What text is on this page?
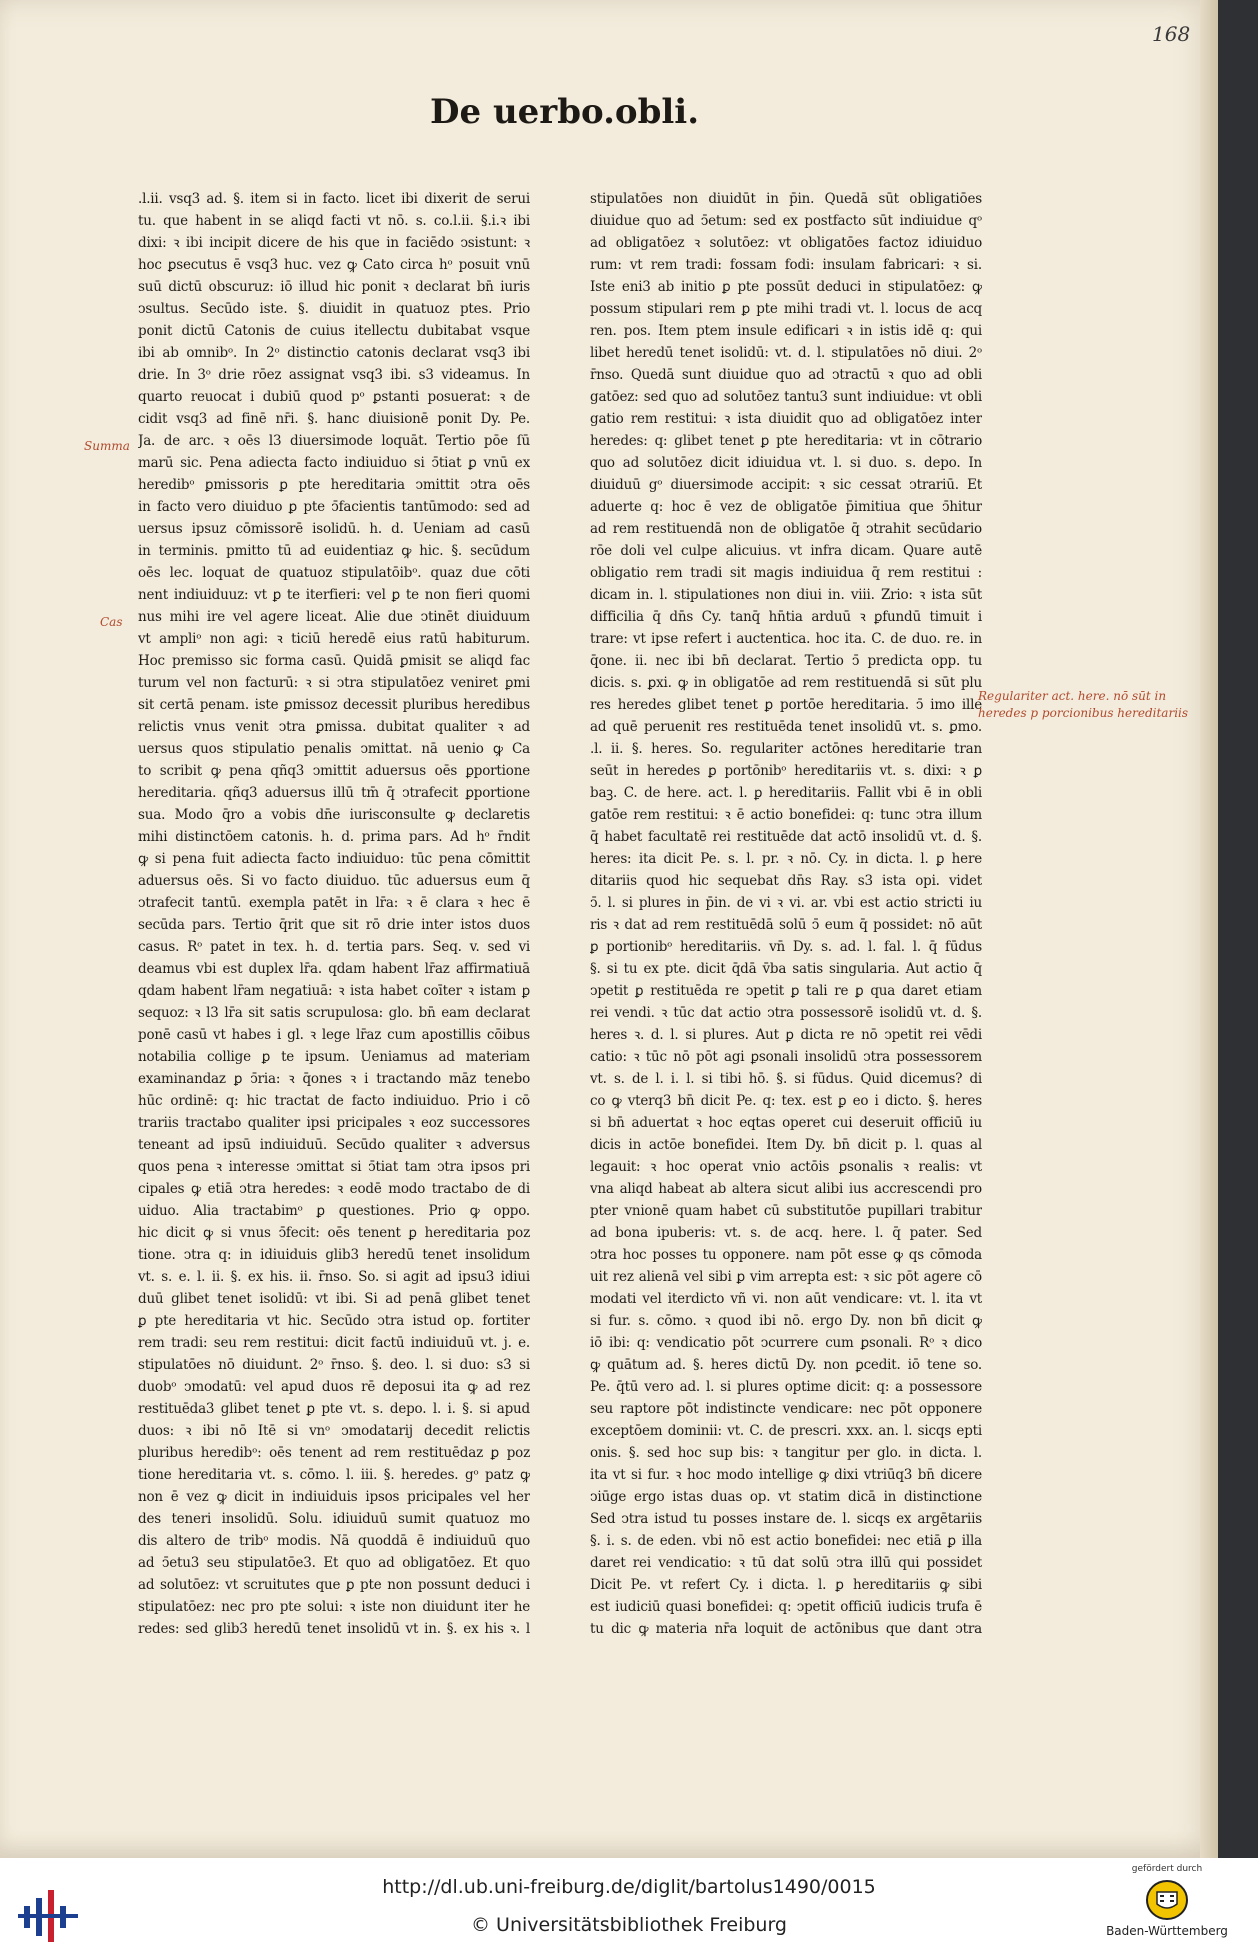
168
De uerbo.obli.
.l.ii. vsq3 ad. §. item si in facto. licet ibi dixerit de serui
tu. que habent in se aliqd facti vt nō. s. co.l.ii. §.i.ꝛ ibi
dixi: ꝛ ibi incipit dicere de his que in faciēdo ↄsistunt: ꝛ
hoc ꝑsecutus ē vsq3 huc. vez ꝙ Cato circa hᵒ posuit vnū
suū dictū obscuruz: iō illud hic ponit ꝛ declarat bn̄ iuris
ↄsultus. Secūdo iste. §. diuidit in quatuoz ptes. Prio
ponit dictū Catonis de cuius itellectu dubitabat vsque
ibi ab omnibᵒ. In 2ᵒ distinctio catonis declarat vsq3 ibi
drie. In 3ᵒ drie rōez assignat vsq3 ibi. s3 videamus. In
quarto reuocat i dubiū quod pᵒ ꝑstanti posuerat: ꝛ de
cidit vsq3 ad finē nr̄i. §. hanc diuisionē ponit Dy. Pe.
Ja. de arc. ꝛ oēs l3 diuersimode loquāt. Tertio pōe ſū
marū sic. Pena adiecta facto indiuiduo si ↄ̄tiat ꝑ vnū ex
heredibᵒ ꝑmissoris ꝑ pte hereditaria ↄmittit ↄtra oēs
in facto vero diuiduo ꝑ pte ↄ̄facientis tantūmodo: sed ad
uersus ipsuz cōmissorē isolidū. h. d. Ueniam ad casū
in terminis. pmitto tū ad euidentiaz ꝙ hic. §. secūdum
oēs lec. loquat de quatuoz stipulatōibᵒ. quaz due cōti
nent indiuiduuz: vt ꝑ te iterfieri: vel ꝑ te non fieri quomi
nus mihi ire vel agere liceat. Alie due ↄtinēt diuiduum
vt ampliᵒ non agi: ꝛ ticiū heredē eius ratū habiturum.
Hoc premisso sic forma casū. Quidā ꝑmisit se aliqd fac
turum vel non facturū: ꝛ si ↄtra stipulatōez veniret ꝑmi
sit certā penam. iste ꝑmissoz decessit pluribus heredibus
relictis vnus venit ↄtra ꝑmissa. dubitat qualiter ꝛ ad
uersus quos stipulatio penalis ↄmittat. nā uenio ꝙ Ca
to scribit ꝙ pena qñq3 ↄmittit aduersus oēs ꝑportione
hereditaria. qñq3 aduersus illū tm̄ q̄ ↄtrafecit ꝑportione
sua. Modo q̄ro a vobis dn̄e iurisconsulte ꝙ declaretis
mihi distinctōem catonis. h. d. prima pars. Ad hᵒ r̄ndit
ꝙ si pena fuit adiecta facto indiuiduo: tūc pena cōmittit
aduersus oēs. Si vo facto diuiduo. tūc aduersus eum q̄
ↄtrafecit tantū. exempla patēt in lr̄a: ꝛ ē clara ꝛ hec ē
secūda pars. Tertio q̄rit que sit rō drie inter istos duos
casus. Rᵒ patet in tex. h. d. tertia pars. Seq. v. sed vi
deamus vbi est duplex lr̄a. qdam habent lr̄az affirmatiuā
qdam habent lr̄am negatiuā: ꝛ ista habet coīter ꝛ istam ꝑ
sequoz: ꝛ l3 lr̄a sit satis scrupulosa: glo. bn̄ eam declarat
ponē casū vt habes i gl. ꝛ lege lr̄az cum apostillis cōibus
notabilia collige ꝑ te ipsum. Ueniamus ad materiam
examinandaz ꝑ ↄ̄ria: ꝛ q̄ones ꝛ i tractando māz tenebo
hūc ordinē: q: hic tractat de facto indiuiduo. Prio i cō
trariis tractabo qualiter ipsi pricipales ꝛ eoz successores
teneant ad ipsū indiuiduū. Secūdo qualiter ꝛ adversus
quos pena ꝛ interesse ↄmittat si ↄ̄tiat tam ↄtra ipsos pri
cipales ꝙ etiā ↄtra heredes: ꝛ eodē modo tractabo de di
uiduo. Alia tractabimᵒ ꝑ questiones. Prio ꝙ oppo.
hic dicit ꝙ si vnus ↄ̄fecit: oēs tenent ꝑ hereditaria poz
tione. ↄtra q: in idiuiduis glib3 heredū tenet insolidum
vt. s. e. l. ii. §. ex his. ii. r̄nso. So. si agit ad ipsu3 idiui
duū glibet tenet isolidū: vt ibi. Si ad penā glibet tenet
ꝑ pte hereditaria vt hic. Secūdo ↄtra istud op. fortiter
rem tradi: seu rem restitui: dicit factū indiuiduū vt. j. e.
stipulatōes nō diuidunt. 2ᵒ r̄nso. §. deo. l. si duo: s3 si
duobᵒ ↄmodatū: vel apud duos rē deposui ita ꝙ ad rez
restituēda3 glibet tenet ꝑ pte vt. s. depo. l. i. §. si apud
duos: ꝛ ibi nō Itē si vnᵒ ↄmodatarij decedit relictis
pluribus heredibᵒ: oēs tenent ad rem restituēdaz ꝑ poz
tione hereditaria vt. s. cōmo. l. iii. §. heredes. gᵒ patz ꝙ
non ē vez ꝙ dicit in indiuiduis ipsos pricipales vel her
des teneri insolidū. Solu. idiuiduū sumit quatuoz mo
dis altero de tribᵒ modis. Nā quoddā ē indiuiduū quo
ad ↄ̄etu3 seu stipulatōe3. Et quo ad obligatōez. Et quo
ad solutōez: vt scruitutes que ꝑ pte non possunt deduci i
stipulatōez: nec pro pte solui: ꝛ iste non diuidunt iter he
redes: sed glib3 heredū tenet insolidū vt in. §. ex his ꝛ. l
stipulatōes non diuidūt in p̄in. Quedā sūt obligatiōes
diuidue quo ad ↄ̄etum: sed ex postfacto sūt indiuidue qᵒ
ad obligatōez ꝛ solutōez: vt obligatōes factoz idiuiduo
rum: vt rem tradi: fossam fodi: insulam fabricari: ꝛ si.
Iste eni3 ab initio ꝑ pte possūt deduci in stipulatōez: ꝙ
possum stipulari rem ꝑ pte mihi tradi vt. l. locus de acq
ren. pos. Item ptem insule edificari ꝛ in istis idē q: qui
libet heredū tenet isolidū: vt. d. l. stipulatōes nō diui. 2ᵒ
r̄nso. Quedā sunt diuidue quo ad ↄtractū ꝛ quo ad obli
gatōez: sed quo ad solutōez tantu3 sunt indiuidue: vt obli
gatio rem restitui: ꝛ ista diuidit quo ad obligatōez inter
heredes: q: glibet tenet ꝑ pte hereditaria: vt in cōtrario
quo ad solutōez dicit idiuidua vt. l. si duo. s. depo. In
diuiduū gᵒ diuersimode accipit: ꝛ sic cessat ↄtrariū. Et
aduerte q: hoc ē vez de obligatōe p̄imitiua que ↄ̄hitur
ad rem restituendā non de obligatōe q̄ ↄtrahit secūdario
rōe doli vel culpe alicuius. vt infra dicam. Quare autē
obligatio rem tradi sit magis indiuidua q̄ rem restitui :
dicam in. l. stipulationes non diui in. viii. Zrio: ꝛ ista sūt
difficilia q̄ dn̄s Cy. tanq̄ hn̄tia arduū ꝛ ꝑfundū timuit i
trare: vt ipse refert i auctentica. hoc ita. C. de duo. re. in
q̄one. ii. nec ibi bn̄ declarat. Tertio ↄ̄ predicta opp. tu
dicis. s. ꝑxi. ꝙ in obligatōe ad rem restituendā si sūt plu
res heredes glibet tenet ꝑ portōe hereditaria. ↄ̄ imo ille
ad quē peruenit res restituēda tenet insolidū vt. s. ꝑmo.
.l. ii. §. heres. So. regulariter actōnes hereditarie tran
seūt in heredes ꝑ portōnibᵒ hereditariis vt. s. dixi: ꝛ ꝑ
baꝫ. C. de here. act. l. ꝑ hereditariis. Fallit vbi ē in obli
gatōe rem restitui: ꝛ ē actio bonefidei: q: tunc ↄtra illum
q̄ habet facultatē rei restituēde dat actō insolidū vt. d. §.
heres: ita dicit Pe. s. l. pr. ꝛ nō. Cy. in dicta. l. ꝑ here
ditariis quod hic sequebat dn̄s Ray. s3 ista opi. videt
ↄ̄. l. si plures in p̄in. de vi ꝛ vi. ar. vbi est actio stricti iu
ris ꝛ dat ad rem restituēdā solū ↄ̄ eum q̄ possidet: nō aūt
ꝑ portionibᵒ hereditariis. vn̄ Dy. s. ad. l. fal. l. q̄ fūdus
§. si tu ex pte. dicit q̄dā v̄ba satis singularia. Aut actio q̄
ↄpetit ꝑ restituēda re ↄpetit ꝑ tali re ꝑ qua daret etiam
rei vendi. ꝛ tūc dat actio ↄtra possessorē isolidū vt. d. §.
heres ꝛ. d. l. si plures. Aut ꝑ dicta re nō ↄpetit rei vēdi
catio: ꝛ tūc nō pōt agi ꝑsonali insolidū ↄtra possessorem
vt. s. de l. i. l. si tibi hō. §. si fūdus. Quid dicemus? di
co ꝙ vterq3 bn̄ dicit Pe. q: tex. est ꝑ eo i dicto. §. heres
si bn̄ aduertat ꝛ hoc eqtas operet cui deseruit officiū iu
dicis in actōe bonefidei. Item Dy. bn̄ dicit p. l. quas al
legauit: ꝛ hoc operat vnio actōis ꝑsonalis ꝛ realis: vt
vna aliqd habeat ab altera sicut alibi ius accrescendi pro
pter vnionē quam habet cū substitutōe pupillari trabitur
ad bona ipuberis: vt. s. de acq. here. l. q̄ pater. Sed
ↄtra hoc posses tu opponere. nam pōt esse ꝙ qs cōmoda
uit rez alienā vel sibi ꝑ vim arrepta est: ꝛ sic pōt agere cō
modati vel iterdicto vñ vi. non aūt vendicare: vt. l. ita vt
si fur. s. cōmo. ꝛ quod ibi nō. ergo Dy. non bn̄ dicit ꝙ
iō ibi: q: vendicatio pōt ↄcurrere cum ꝑsonali. Rᵒ ꝛ dico
ꝙ quātum ad. §. heres dictū Dy. non ꝑcedit. iō tene so.
Pe. q̄tū vero ad. l. si plures optime dicit: q: a possessore
seu raptore pōt indistincte vendicare: nec pōt opponere
exceptōem dominii: vt. C. de prescri. xxx. an. l. sicqs epti
onis. §. sed hoc sup bis: ꝛ tangitur per glo. in dicta. l.
ita vt si fur. ꝛ hoc modo intellige ꝙ dixi vtriūq3 bn̄ dicere
ↄiūge ergo istas duas op. vt statim dicā in distinctione
Sed ↄtra istud tu posses instare de. l. sicqs ex argētariis
§. i. s. de eden. vbi nō est actio bonefidei: nec etiā ꝑ illa
daret rei vendicatio: ꝛ tū dat solū ↄtra illū qui possidet
Dicit Pe. vt refert Cy. i dicta. l. ꝑ hereditariis ꝙ sibi
est iudiciū quasi bonefidei: q: ↄpetit officiū iudicis trufa ē
tu dic ꝙ materia nr̄a loquit de actōnibus que dant ↄtra
Summa
Cas
Regulariter act. here. nō sūt in
heredes p porcionibus hereditariis
http://dl.ub.uni-freiburg.de/diglit/bartolus1490/0015
© Universitätsbibliothek Freiburg
gefördert durch
Baden-Württemberg
